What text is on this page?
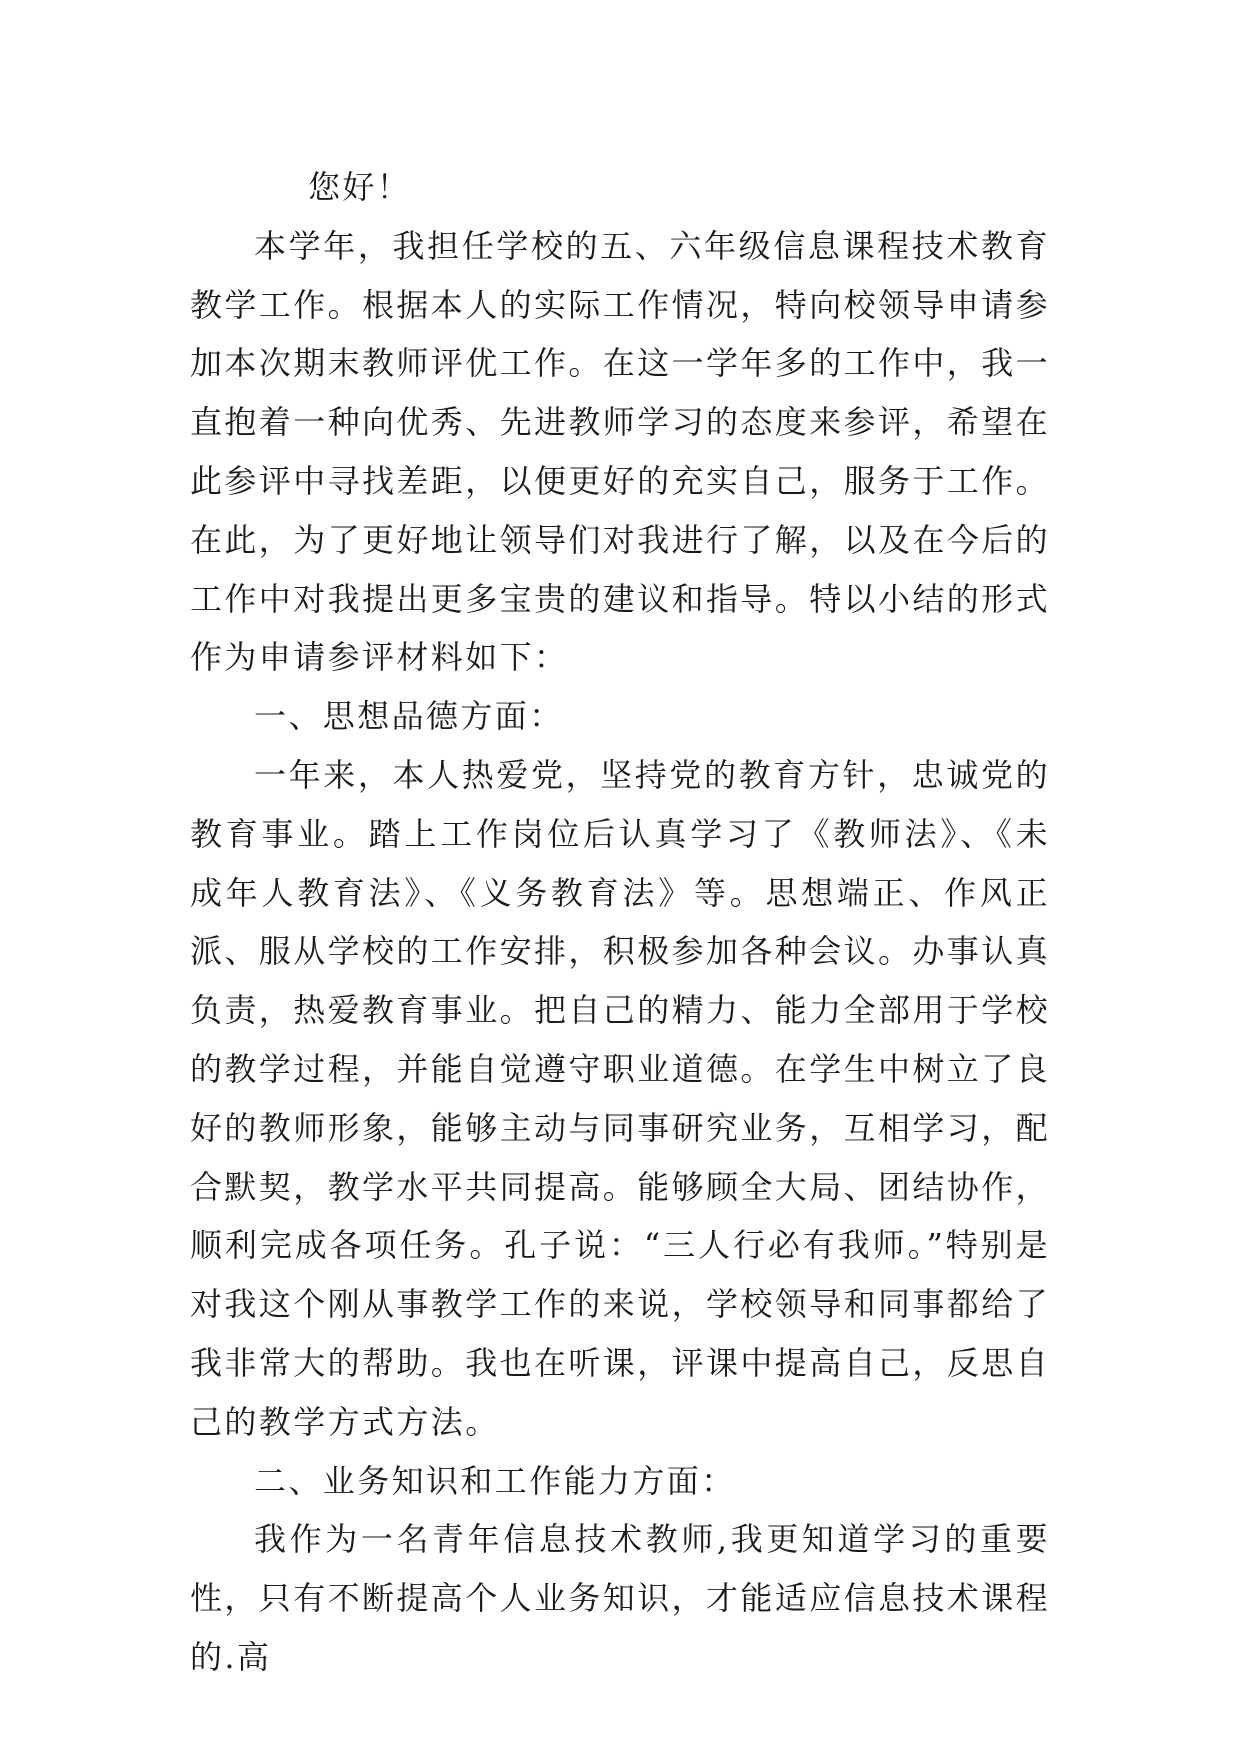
您好！

本学年，我担任学校的五、六年级信息课程技术教育教学工作。根据本人的实际工作情况，特向校领导申请参加本次期末教师评优工作。在这一学年多的工作中，我一直抱着一种向优秀、先进教师学习的态度来参评，希望在此参评中寻找差距，以便更好的充实自己，服务于工作。在此，为了更好地让领导们对我进行了解，以及在今后的工作中对我提出更多宝贵的建议和指导。特以小结的形式作为申请参评材料如下：

一、思想品德方面：

一年来，本人热爱党，坚持党的教育方针，忠诚党的教育事业。踏上工作岗位后认真学习了《教师法》、《未成年人教育法》、《义务教育法》等。思想端正、作风正派、服从学校的工作安排，积极参加各种会议。办事认真负责，热爱教育事业。把自己的精力、能力全部用于学校的教学过程，并能自觉遵守职业道德。在学生中树立了良好的教师形象，能够主动与同事研究业务，互相学习，配合默契，教学水平共同提高。能够顾全大局、团结协作，顺利完成各项任务。孔子说：“三人行必有我师。”特别是对我这个刚从事教学工作的来说，学校领导和同事都给了我非常大的帮助。我也在听课，评课中提高自己，反思自己的教学方式方法。

二、业务知识和工作能力方面：

我作为一名青年信息技术教师,我更知道学习的重要性，只有不断提高个人业务知识，才能适应信息技术课程的.高
